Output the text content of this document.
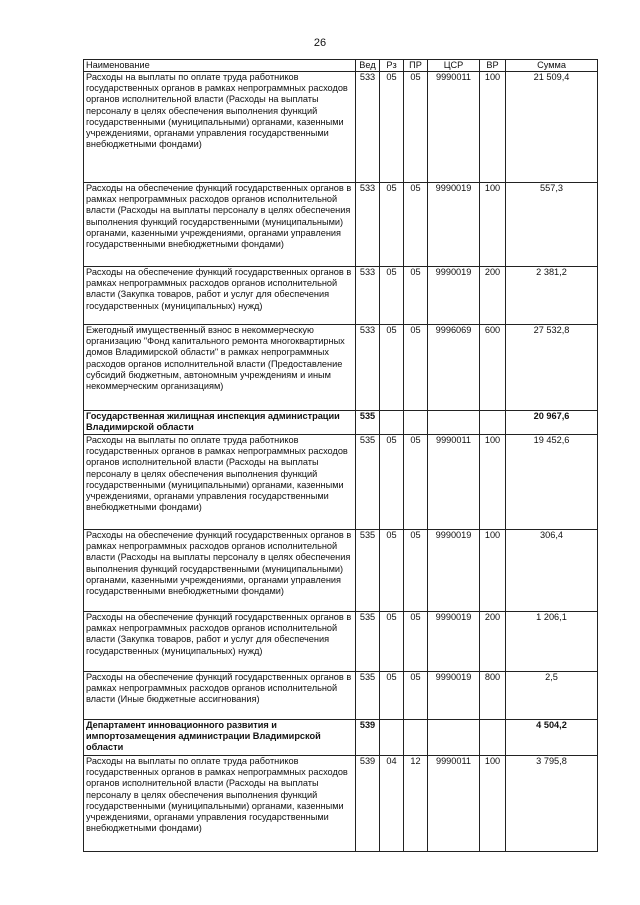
26
Наименование	Вед	Рз	ПР	ЦСР	ВР	Сумма
Расходы на выплаты по оплате труда работников государственных органов в рамках непрограммных расходов органов исполнительной власти (Расходы на выплаты персоналу в целях обеспечения выполнения функций государственными (муниципальными) органами, казенными учреждениями, органами управления государственными внебюджетными фондами)	533	05	05	9990011	100	21 509,4
Расходы на обеспечение функций государственных органов в рамках непрограммных расходов органов исполнительной власти (Расходы на выплаты персоналу в целях обеспечения выполнения функций государственными (муниципальными) органами, казенными учреждениями, органами управления государственными внебюджетными фондами)	533	05	05	9990019	100	557,3
Расходы на обеспечение функций государственных органов в рамках непрограммных расходов органов исполнительной власти (Закупка товаров, работ и услуг для обеспечения государственных (муниципальных) нужд)	533	05	05	9990019	200	2 381,2
Ежегодный имущественный взнос в некоммерческую организацию "Фонд капитального ремонта многоквартирных домов Владимирской области" в рамках непрограммных расходов органов исполнительной власти (Предоставление субсидий бюджетным, автономным учреждениям и иным некоммерческим организациям)	533	05	05	9996069	600	27 532,8
Государственная жилищная инспекция администрации Владимирской области	535					20 967,6
Расходы на выплаты по оплате труда работников государственных органов в рамках непрограммных расходов органов исполнительной власти (Расходы на выплаты персоналу в целях обеспечения выполнения функций государственными (муниципальными) органами, казенными учреждениями, органами управления государственными внебюджетными фондами)	535	05	05	9990011	100	19 452,6
Расходы на обеспечение функций государственных органов в рамках непрограммных расходов органов исполнительной власти (Расходы на выплаты персоналу в целях обеспечения выполнения функций государственными (муниципальными) органами, казенными учреждениями, органами управления государственными внебюджетными фондами)	535	05	05	9990019	100	306,4
Расходы на обеспечение функций государственных органов в рамках непрограммных расходов органов исполнительной власти (Закупка товаров, работ и услуг для обеспечения государственных (муниципальных) нужд)	535	05	05	9990019	200	1 206,1
Расходы на обеспечение функций государственных органов в рамках непрограммных расходов органов исполнительной власти (Иные бюджетные ассигнования)	535	05	05	9990019	800	2,5
Департамент инновационного развития и импортозамещения администрации Владимирской области	539					4 504,2
Расходы на выплаты по оплате труда работников государственных органов в рамках непрограммных расходов органов исполнительной власти (Расходы на выплаты персоналу в целях обеспечения выполнения функций государственными (муниципальными) органами, казенными учреждениями, органами управления государственными внебюджетными фондами)	539	04	12	9990011	100	3 795,8
